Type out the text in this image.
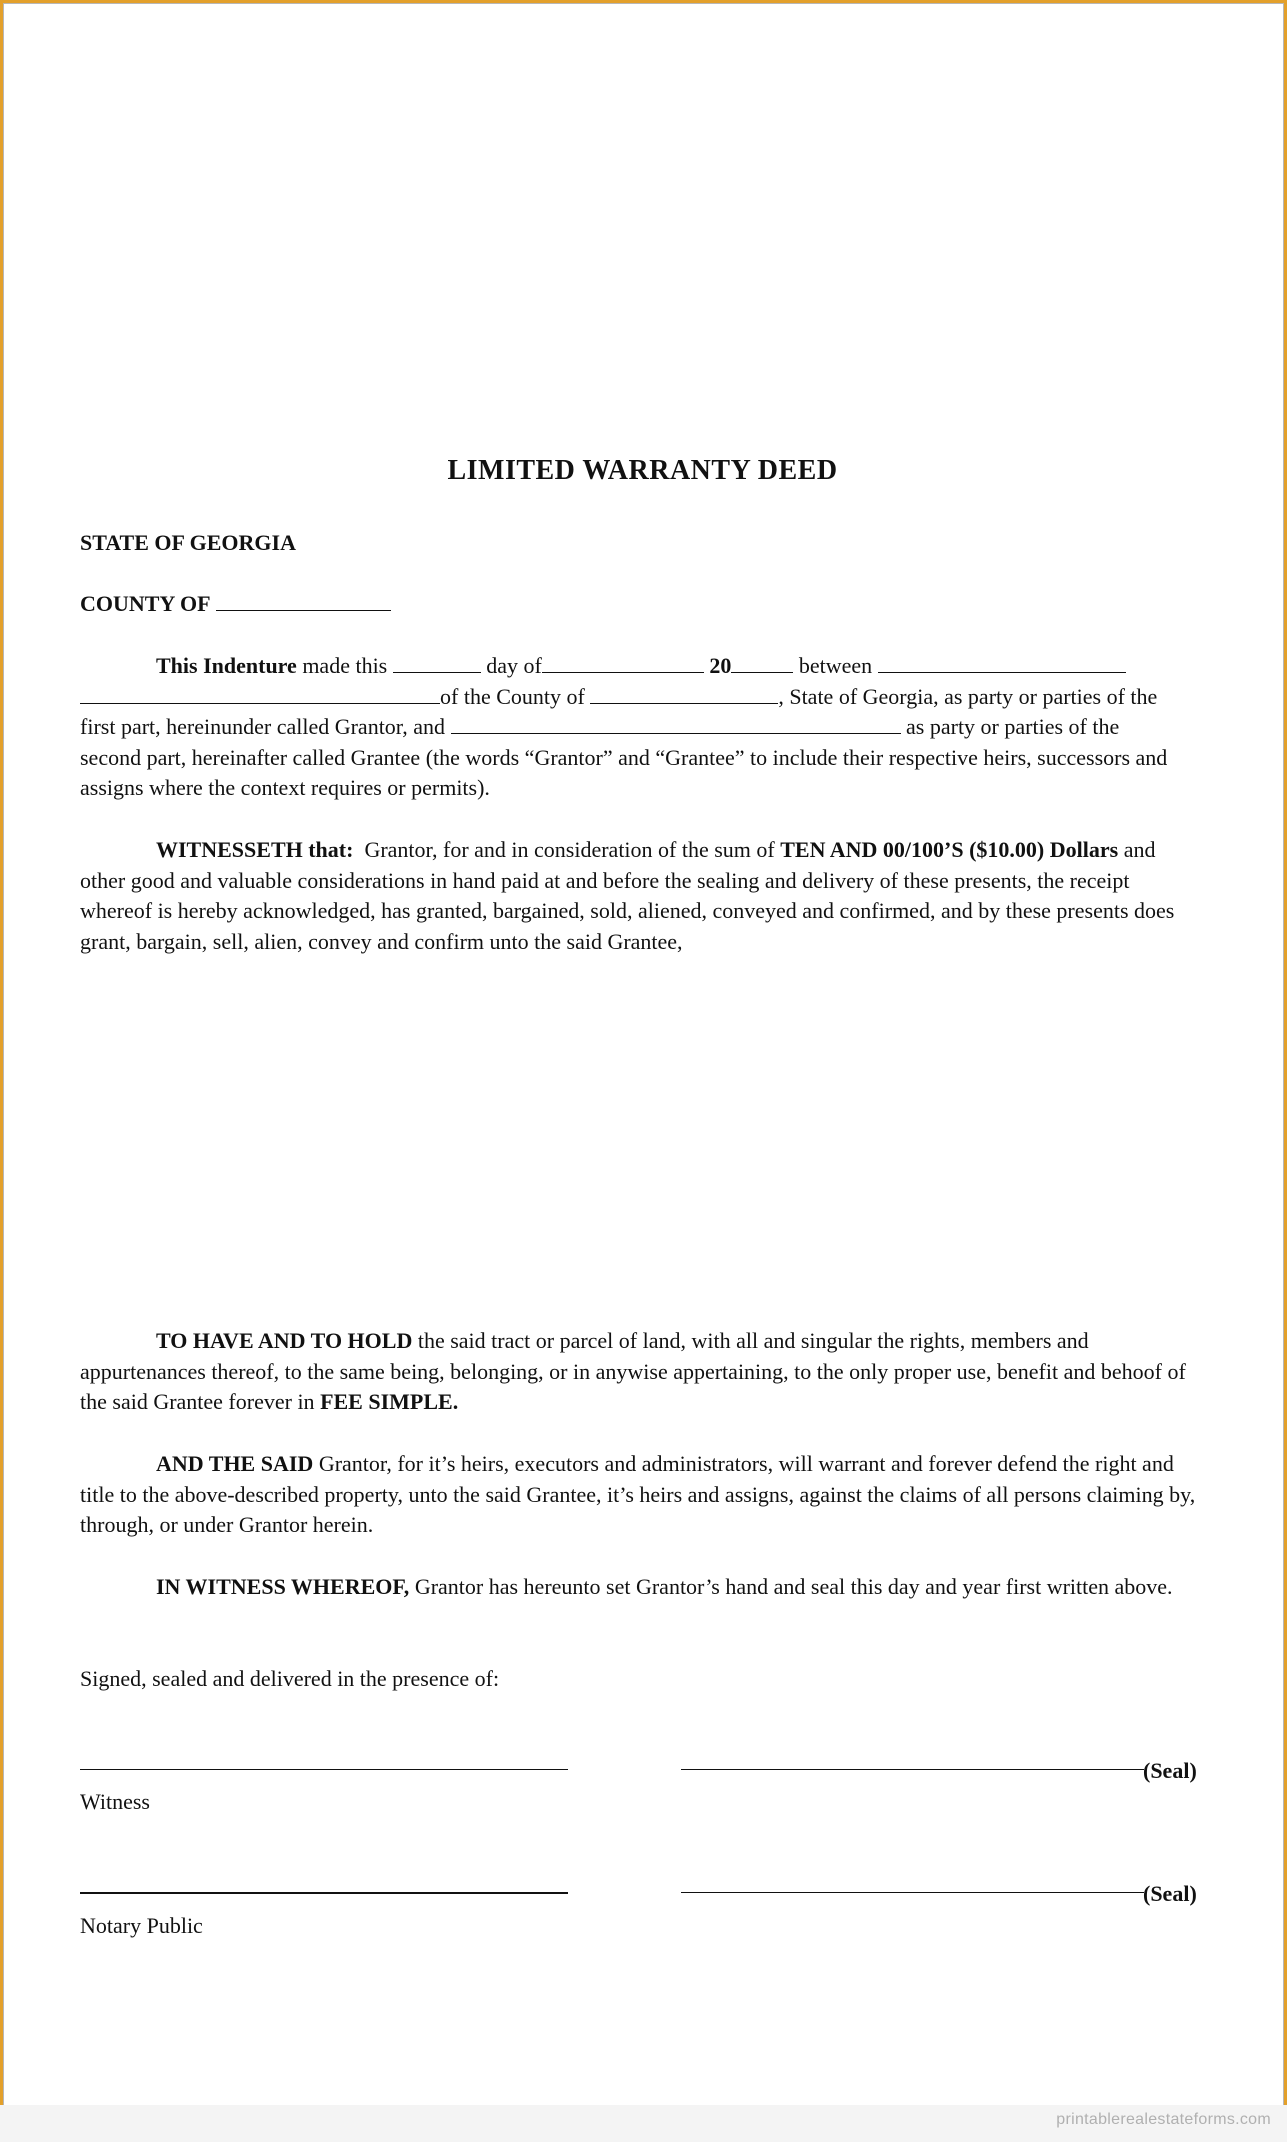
LIMITED WARRANTY DEED
STATE OF GEORGIA
COUNTY OF
This Indenture made this	day of	20	between
of the County of	, State of Georgia, as party or parties of the
first part, hereinunder called Grantor, and	as party or parties of the
second part, hereinafter called Grantee (the words “Grantor” and “Grantee” to include their respective heirs, successors and assigns where the context requires or permits).
WITNESSETH that: Grantor, for and in consideration of the sum of TEN AND 00/100’S ($10.00) Dollars and other good and valuable considerations in hand paid at and before the sealing and delivery of these presents, the receipt whereof is hereby acknowledged, has granted, bargained, sold, aliened, conveyed and confirmed, and by these presents does grant, bargain, sell, alien, convey and confirm unto the said Grantee,
TO HAVE AND TO HOLD the said tract or parcel of land, with all and singular the rights, members and appurtenances thereof, to the same being, belonging, or in anywise appertaining, to the only proper use, benefit and behoof of the said Grantee forever in FEE SIMPLE.
AND THE SAID Grantor, for it’s heirs, executors and administrators, will warrant and forever defend the right and title to the above-described property, unto the said Grantee, it’s heirs and assigns, against the claims of all persons claiming by, through, or under Grantor herein.
IN WITNESS WHEREOF, Grantor has hereunto set Grantor’s hand and seal this day and year first written above.
Signed, sealed and delivered in the presence of:
(Seal)
Witness
(Seal)
Notary Public
printablerealestateforms.com
